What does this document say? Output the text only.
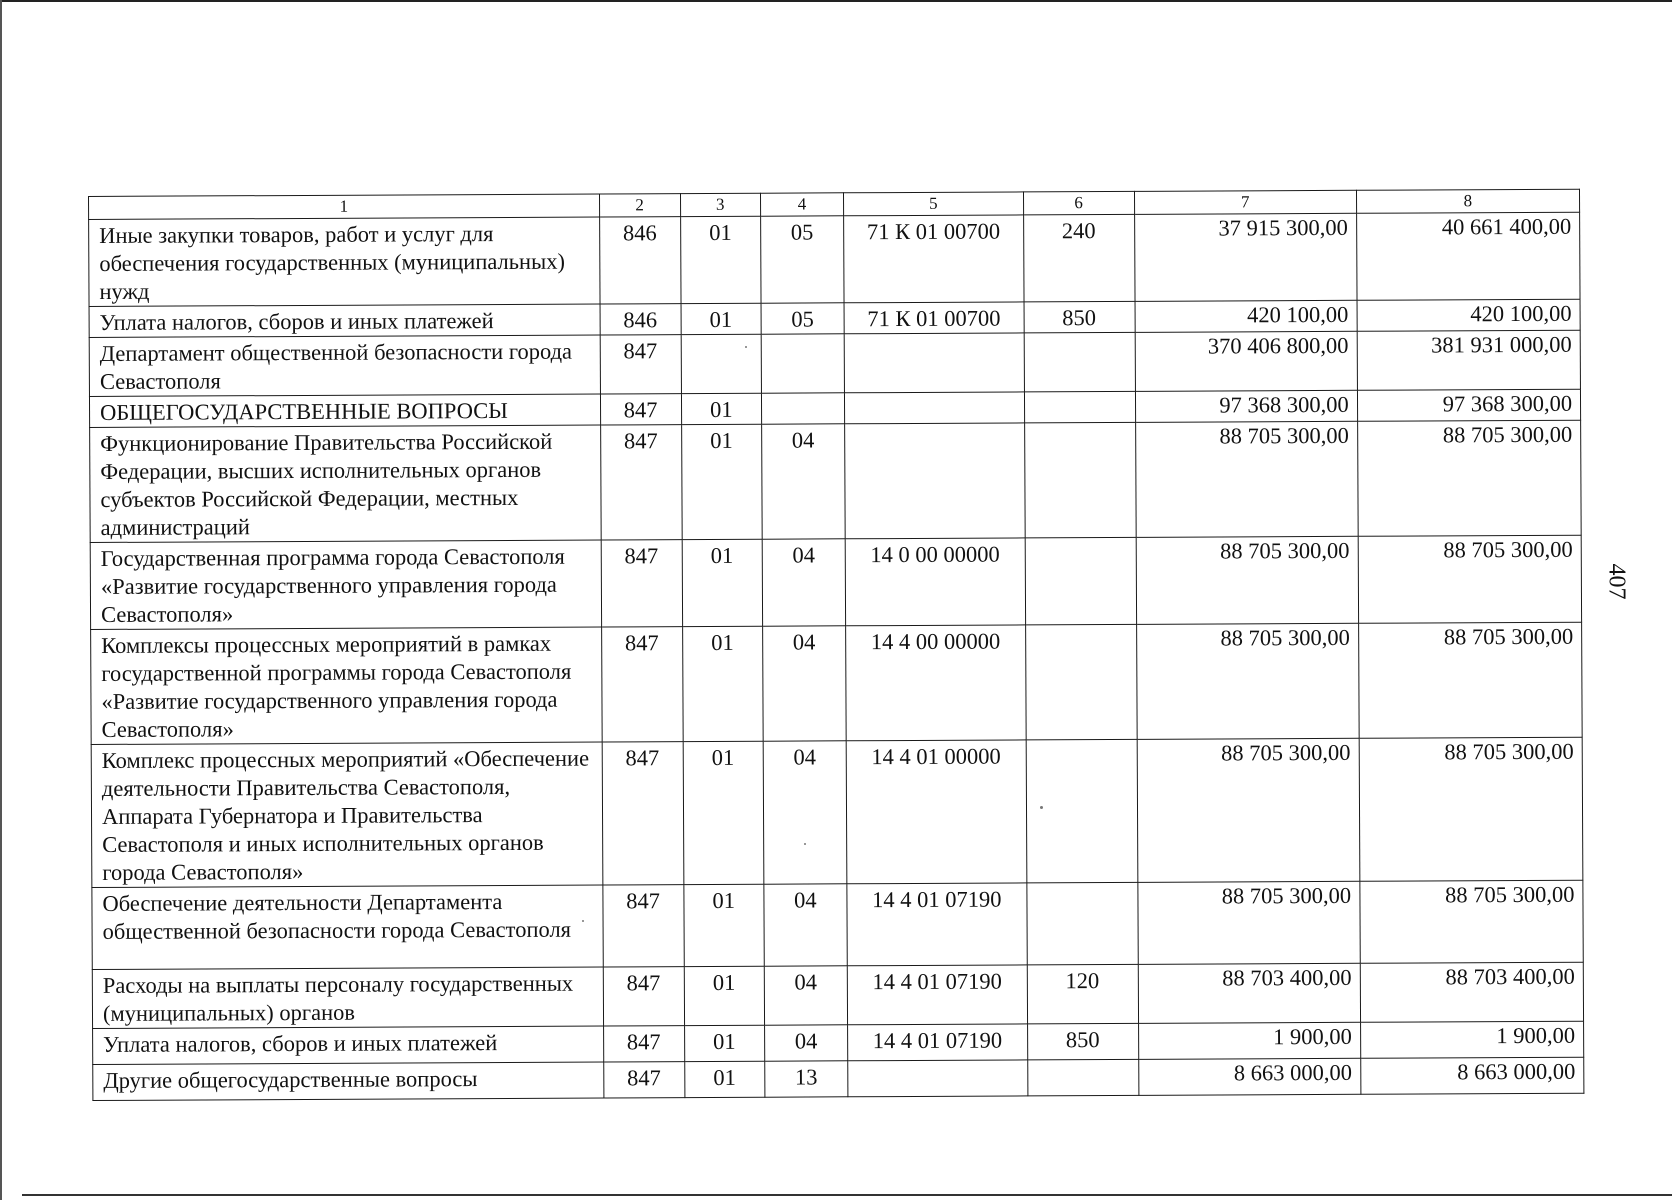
1	2	3	4	5	6	7	8
Иные закупки товаров, работ и услуг для обеспечения государственных (муниципальных) нужд	846	01	05	71 К 01 00700	240	37 915 300,00	40 661 400,00
Уплата налогов, сборов и иных платежей	846	01	05	71 К 01 00700	850	420 100,00	420 100,00
Департамент общественной безопасности города Севастополя	847					370 406 800,00	381 931 000,00
ОБЩЕГОСУДАРСТВЕННЫЕ ВОПРОСЫ	847	01				97 368 300,00	97 368 300,00
Функционирование Правительства Российской Федерации, высших исполнительных органов субъектов Российской Федерации, местных администраций	847	01	04			88 705 300,00	88 705 300,00
Государственная программа города Севастополя «Развитие государственного управления города Севастополя»	847	01	04	14 0 00 00000		88 705 300,00	88 705 300,00
Комплексы процессных мероприятий в рамках государственной программы города Севастополя «Развитие государственного управления города Севастополя»	847	01	04	14 4 00 00000		88 705 300,00	88 705 300,00
Комплекс процессных мероприятий «Обеспечение деятельности Правительства Севастополя, Аппарата Губернатора и Правительства Севастополя и иных исполнительных органов города Севастополя»	847	01	04	14 4 01 00000		88 705 300,00	88 705 300,00
Обеспечение деятельности Департамента общественной безопасности города Севастополя	847	01	04	14 4 01 07190		88 705 300,00	88 705 300,00
Расходы на выплаты персоналу государственных (муниципальных) органов	847	01	04	14 4 01 07190	120	88 703 400,00	88 703 400,00
Уплата налогов, сборов и иных платежей	847	01	04	14 4 01 07190	850	1 900,00	1 900,00
Другие общегосударственные вопросы	847	01	13			8 663 000,00	8 663 000,00
407
